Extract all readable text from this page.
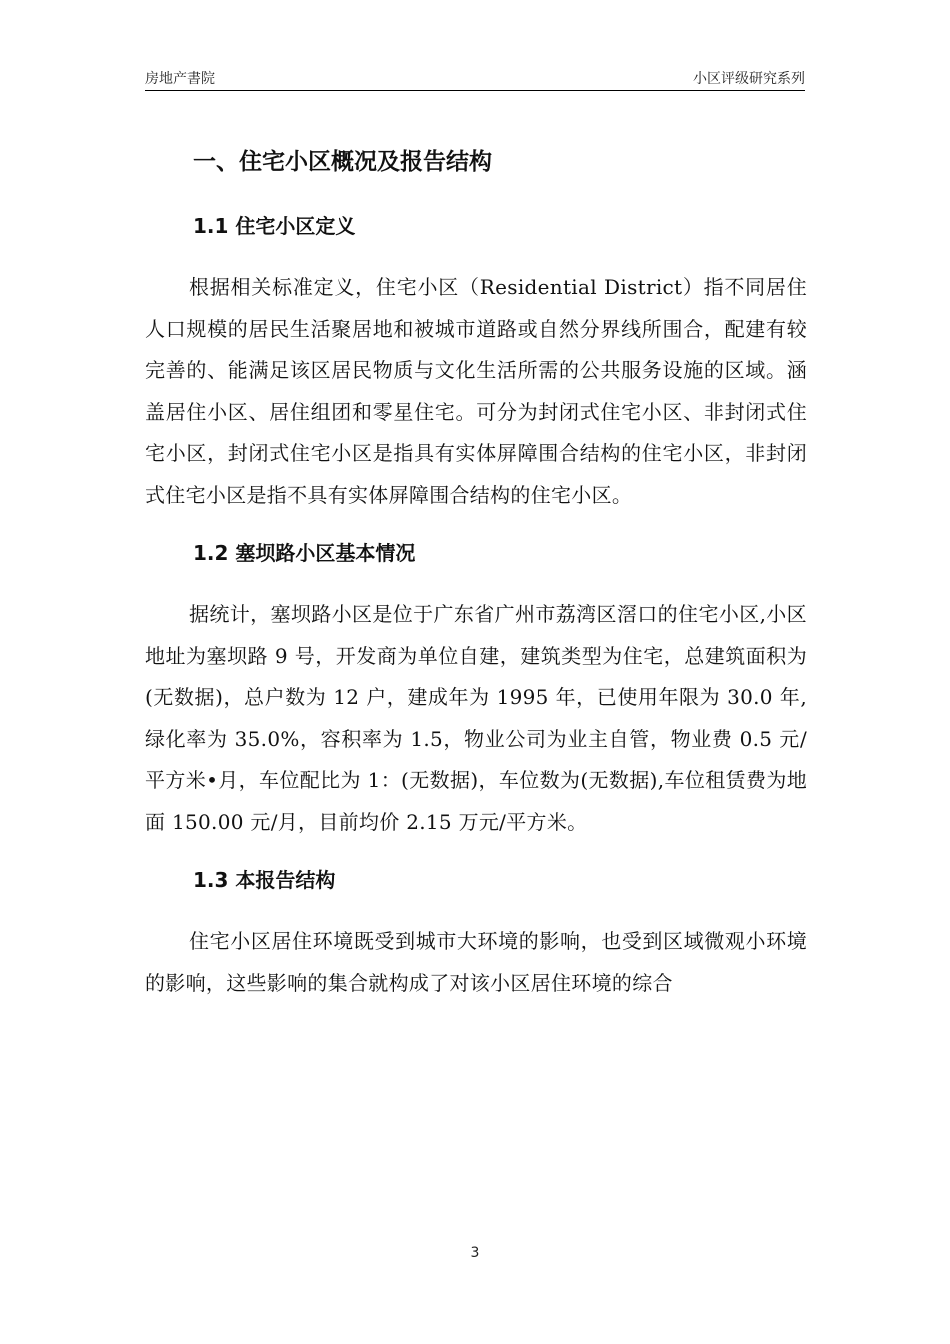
房地产書院	小区评级研究系列
一、住宅小区概况及报告结构
1.1 住宅小区定义

根据相关标准定义，住宅小区（Residential District）指不同居住人口规模的居民生活聚居地和被城市道路或自然分界线所围合，配建有较完善的、能满足该区居民物质与文化生活所需的公共服务设施的区域。涵盖居住小区、居住组团和零星住宅。可分为封闭式住宅小区、非封闭式住宅小区，封闭式住宅小区是指具有实体屏障围合结构的住宅小区，非封闭式住宅小区是指不具有实体屏障围合结构的住宅小区。

1.2 塞坝路小区基本情况

据统计，塞坝路小区是位于广东省广州市荔湾区滘口的住宅小区,小区地址为塞坝路 9 号，开发商为单位自建，建筑类型为住宅，总建筑面积为(无数据)，总户数为 12 户，建成年为 1995 年，已使用年限为 30.0 年,绿化率为 35.0%，容积率为 1.5，物业公司为业主自管，物业费 0.5 元/平方米•月，车位配比为 1：(无数据)，车位数为(无数据),车位租赁费为地面 150.00 元/月，目前均价 2.15 万元/平方米。

1.3 本报告结构

住宅小区居住环境既受到城市大环境的影响，也受到区域微观小环境的影响，这些影响的集合就构成了对该小区居住环境的综合

3
